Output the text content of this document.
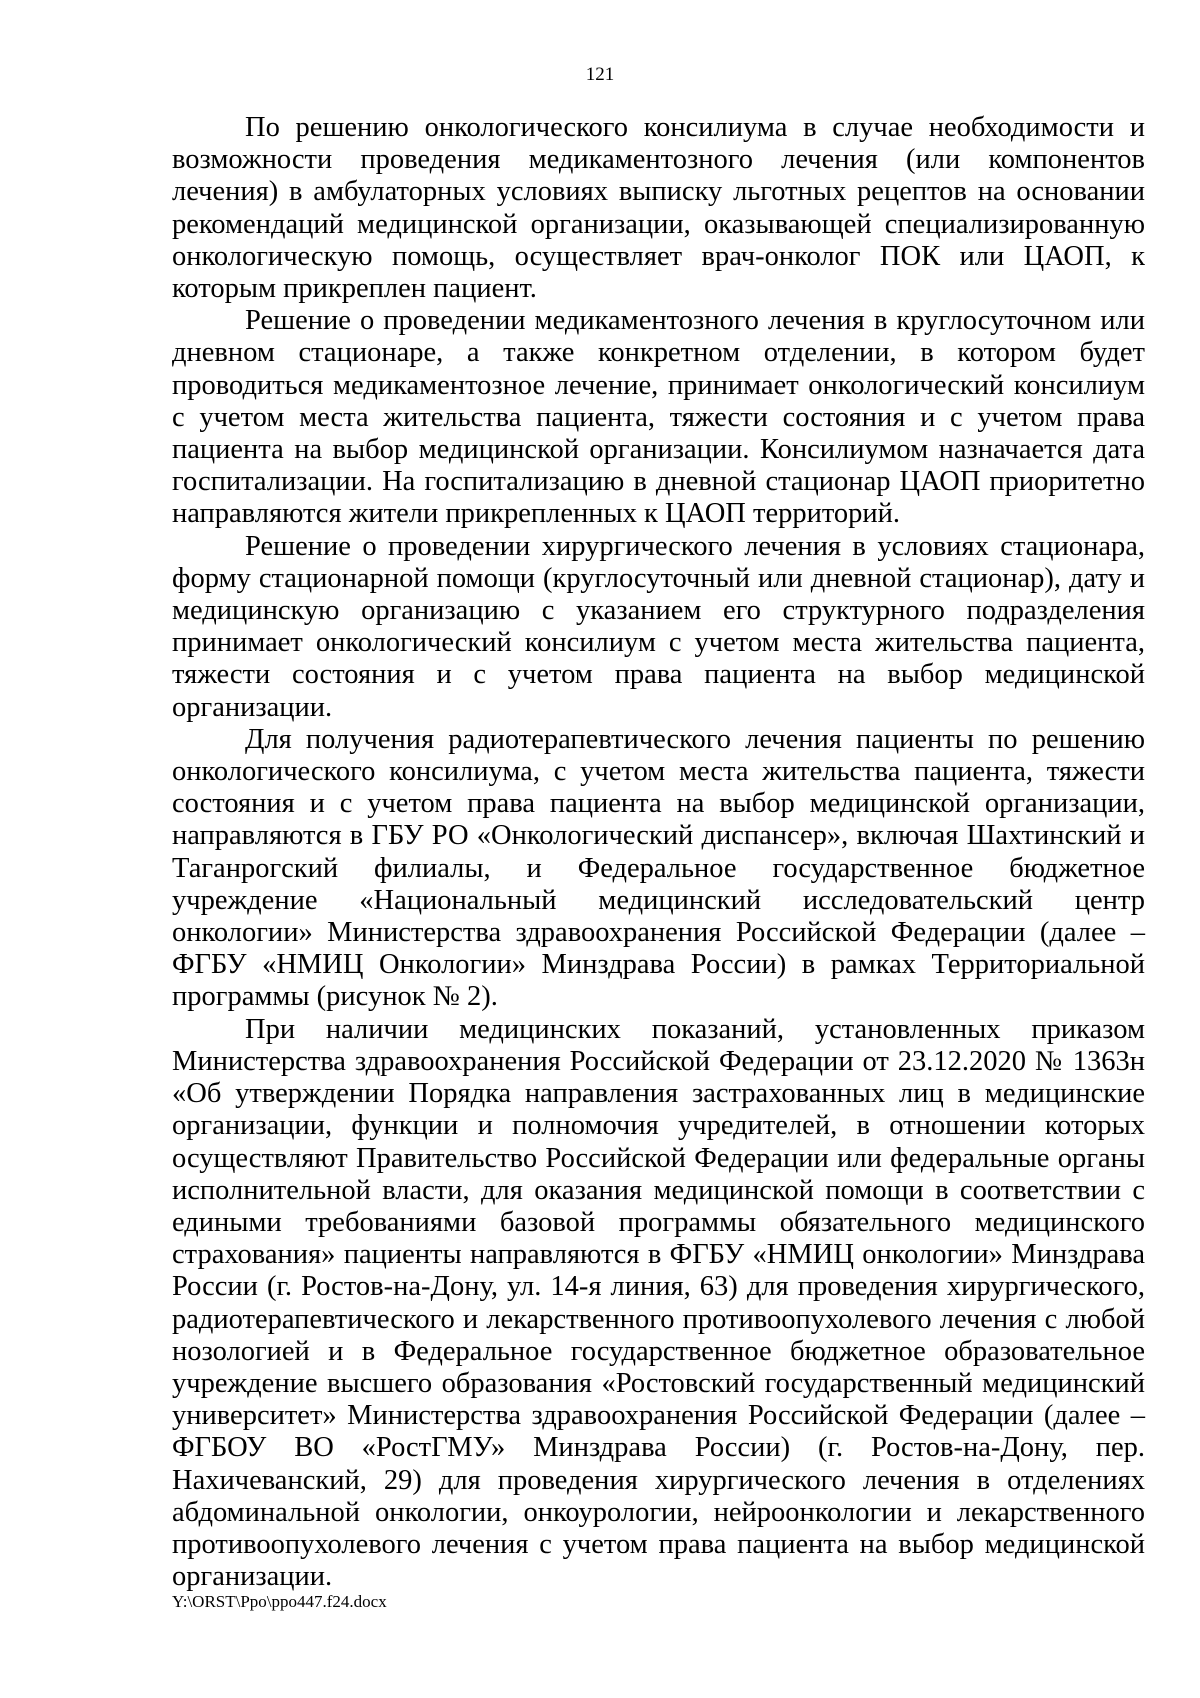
121

По решению онкологического консилиума в случае необходимости и возможности проведения медикаментозного лечения (или компонентов лечения) в амбулаторных условиях выписку льготных рецептов на основании рекомендаций медицинской организации, оказывающей специализированную онкологическую помощь, осуществляет врач-онколог ПОК или ЦАОП, к которым прикреплен пациент.

Решение о проведении медикаментозного лечения в круглосуточном или дневном стационаре, а также конкретном отделении, в котором будет проводиться медикаментозное лечение, принимает онкологический консилиум с учетом места жительства пациента, тяжести состояния и с учетом права пациента на выбор медицинской организации. Консилиумом назначается дата госпитализации. На госпитализацию в дневной стационар ЦАОП приоритетно направляются жители прикрепленных к ЦАОП территорий.

Решение о проведении хирургического лечения в условиях стационара, форму стационарной помощи (круглосуточный или дневной стационар), дату и медицинскую организацию с указанием его структурного подразделения принимает онкологический консилиум с учетом места жительства пациента, тяжести состояния и с учетом права пациента на выбор медицинской организации.

Для получения радиотерапевтического лечения пациенты по решению онкологического консилиума, с учетом места жительства пациента, тяжести состояния и с учетом права пациента на выбор медицинской организации, направляются в ГБУ РО «Онкологический диспансер», включая Шахтинский и Таганрогский филиалы, и Федеральное государственное бюджетное учреждение «Национальный медицинский исследовательский центр онкологии» Министерства здравоохранения Российской Федерации (далее – ФГБУ «НМИЦ Онкологии» Минздрава России) в рамках Территориальной программы (рисунок № 2).

При наличии медицинских показаний, установленных приказом Министерства здравоохранения Российской Федерации от 23.12.2020 № 1363н «Об утверждении Порядка направления застрахованных лиц в медицинские организации, функции и полномочия учредителей, в отношении которых осуществляют Правительство Российской Федерации или федеральные органы исполнительной власти, для оказания медицинской помощи в соответствии с едиными требованиями базовой программы обязательного медицинского страхования» пациенты направляются в ФГБУ «НМИЦ онкологии» Минздрава России (г. Ростов-на-Дону, ул. 14-я линия, 63) для проведения хирургического, радиотерапевтического и лекарственного противоопухолевого лечения с любой нозологией и в Федеральное государственное бюджетное образовательное учреждение высшего образования «Ростовский государственный медицинский университет» Министерства здравоохранения Российской Федерации (далее – ФГБОУ ВО «РостГМУ» Минздрава России) (г. Ростов-на-Дону, пер. Нахичеванский, 29) для проведения хирургического лечения в отделениях абдоминальной онкологии, онкоурологии, нейроонкологии и лекарственного противоопухолевого лечения с учетом права пациента на выбор медицинской организации.

Y:\ORST\Ppo\ppo447.f24.docx
